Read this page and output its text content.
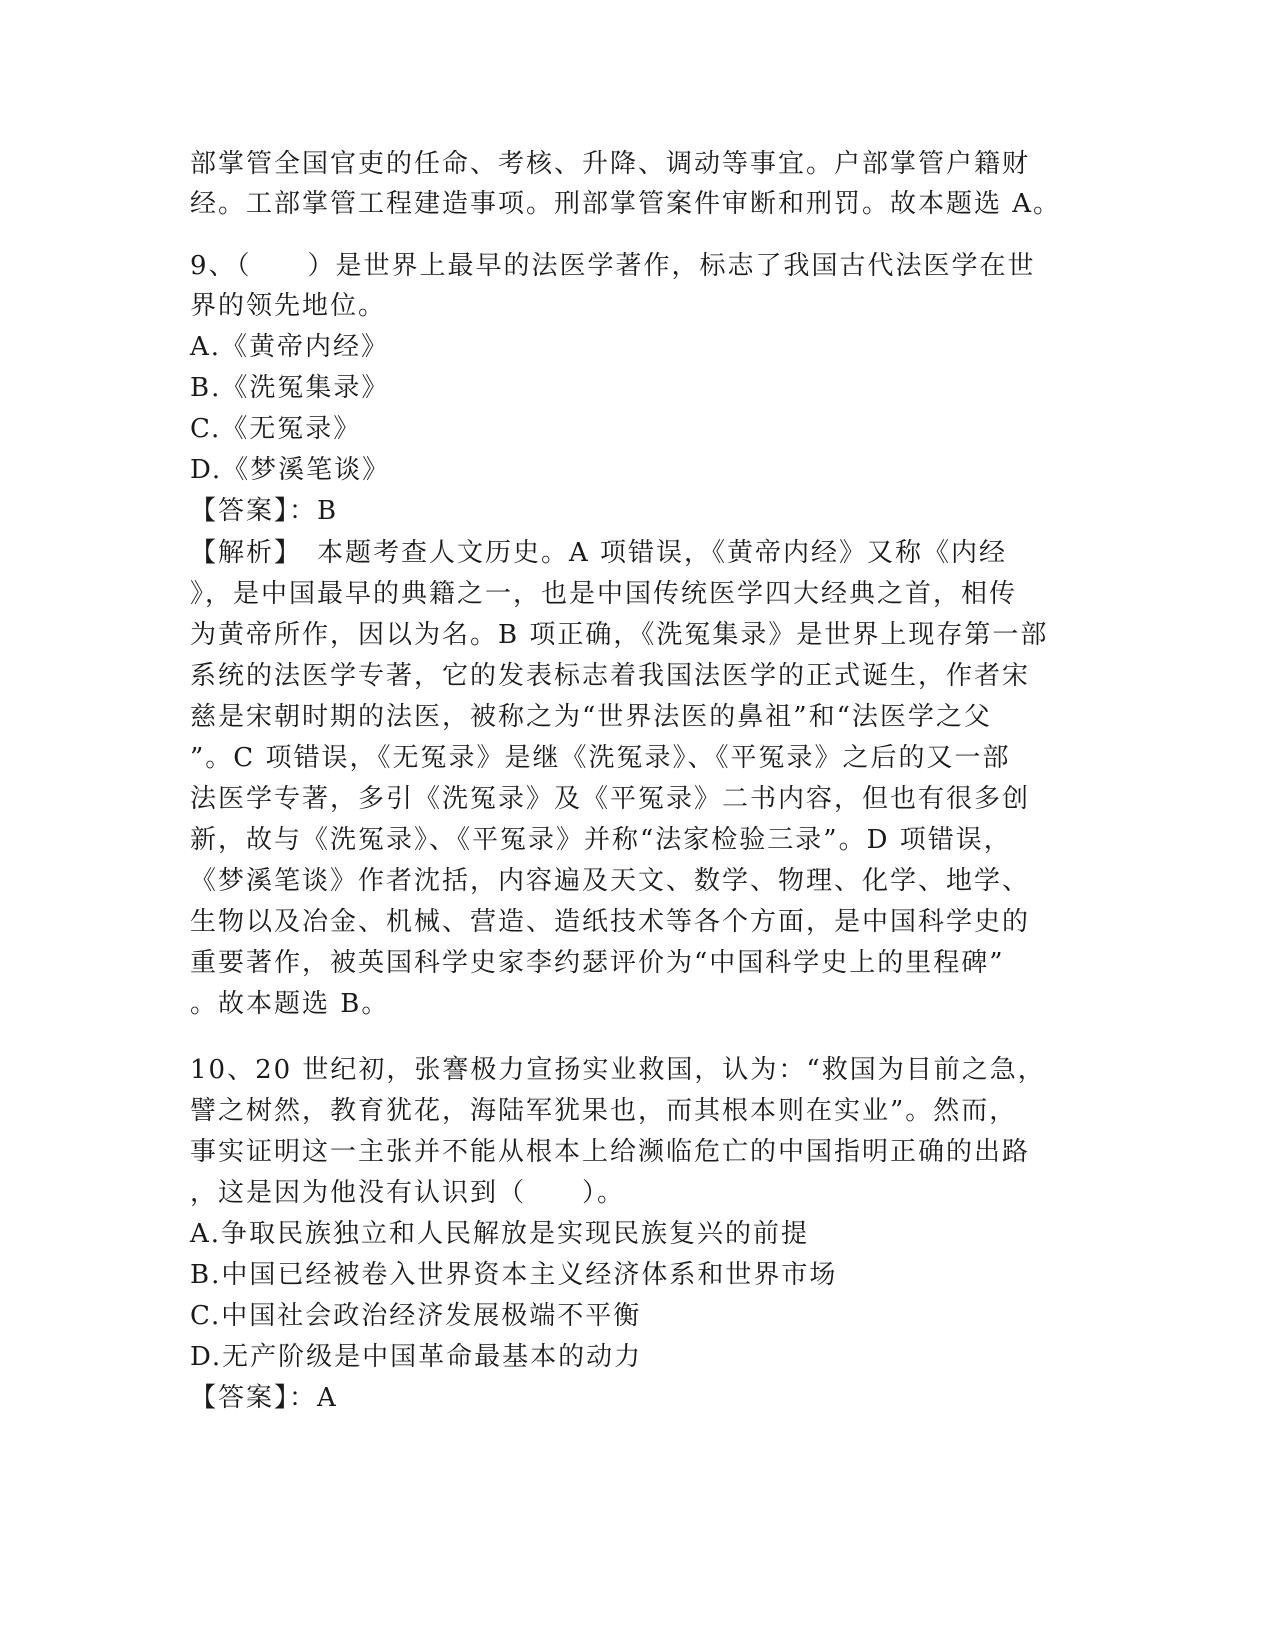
部掌管全国官吏的任命、考核、升降、调动等事宜。户部掌管户籍财
经。工部掌管工程建造事项。刑部掌管案件审断和刑罚。故本题选 A。
9、（　　）是世界上最早的法医学著作，标志了我国古代法医学在世
界的领先地位。
A.《黄帝内经》
B.《洗冤集录》
C.《无冤录》
D.《梦溪笔谈》
【答案】：B
【解析】　本题考查人文历史。A 项错误，《黄帝内经》又称《内经
》，是中国最早的典籍之一，也是中国传统医学四大经典之首，相传
为黄帝所作，因以为名。B 项正确，《洗冤集录》是世界上现存第一部
系统的法医学专著，它的发表标志着我国法医学的正式诞生，作者宋
慈是宋朝时期的法医，被称之为“世界法医的鼻祖”和“法医学之父
”。C 项错误，《无冤录》是继《洗冤录》、《平冤录》之后的又一部
法医学专著，多引《洗冤录》及《平冤录》二书内容，但也有很多创
新，故与《洗冤录》、《平冤录》并称“法家检验三录”。D 项错误，
《梦溪笔谈》作者沈括，内容遍及天文、数学、物理、化学、地学、
生物以及冶金、机械、营造、造纸技术等各个方面，是中国科学史的
重要著作，被英国科学史家李约瑟评价为“中国科学史上的里程碑”
。故本题选 B。
10、20 世纪初，张謇极力宣扬实业救国，认为：“救国为目前之急，
譬之树然，教育犹花，海陆军犹果也，而其根本则在实业”。然而，
事实证明这一主张并不能从根本上给濒临危亡的中国指明正确的出路
，这是因为他没有认识到（　　）。
A.争取民族独立和人民解放是实现民族复兴的前提
B.中国已经被卷入世界资本主义经济体系和世界市场
C.中国社会政治经济发展极端不平衡
D.无产阶级是中国革命最基本的动力
【答案】：A
